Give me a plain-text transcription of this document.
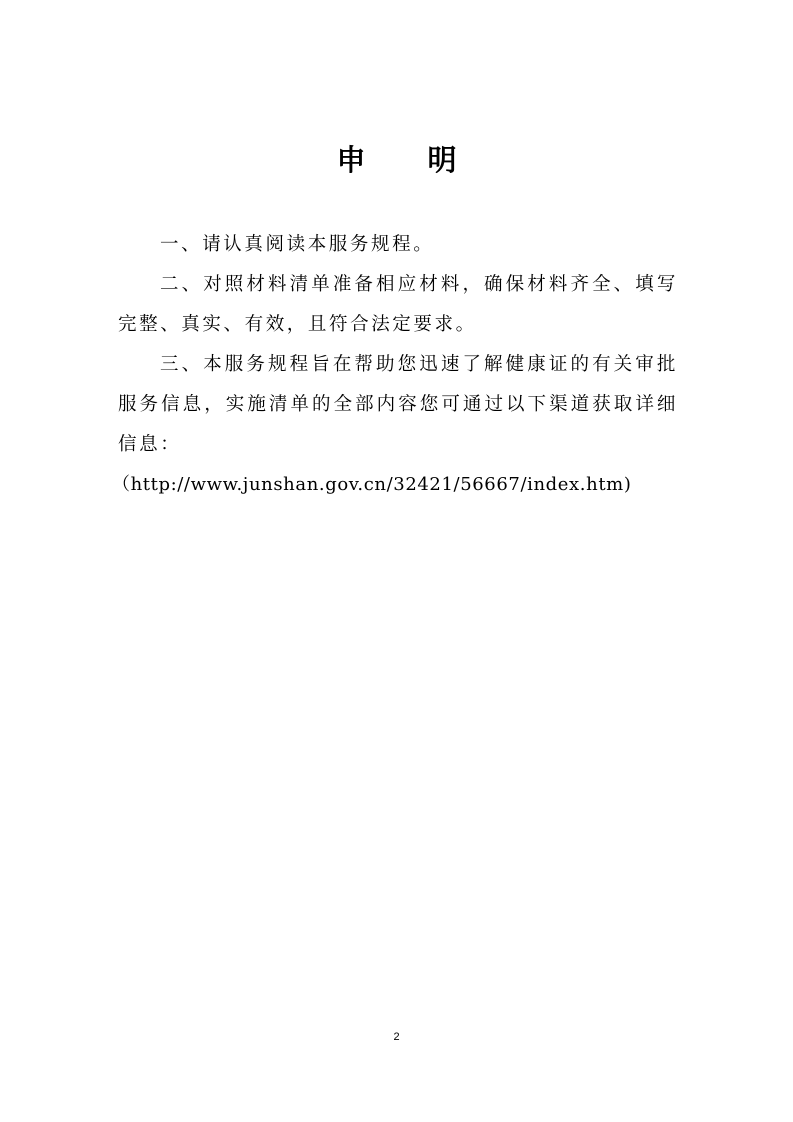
申 明

一、请认真阅读本服务规程。

二、对照材料清单准备相应材料，确保材料齐全、填写完整、真实、有效，且符合法定要求。

三、本服务规程旨在帮助您迅速了解健康证的有关审批服务信息，实施清单的全部内容您可通过以下渠道获取详细信息：

（http://www.junshan.gov.cn/32421/56667/index.htm)

2
